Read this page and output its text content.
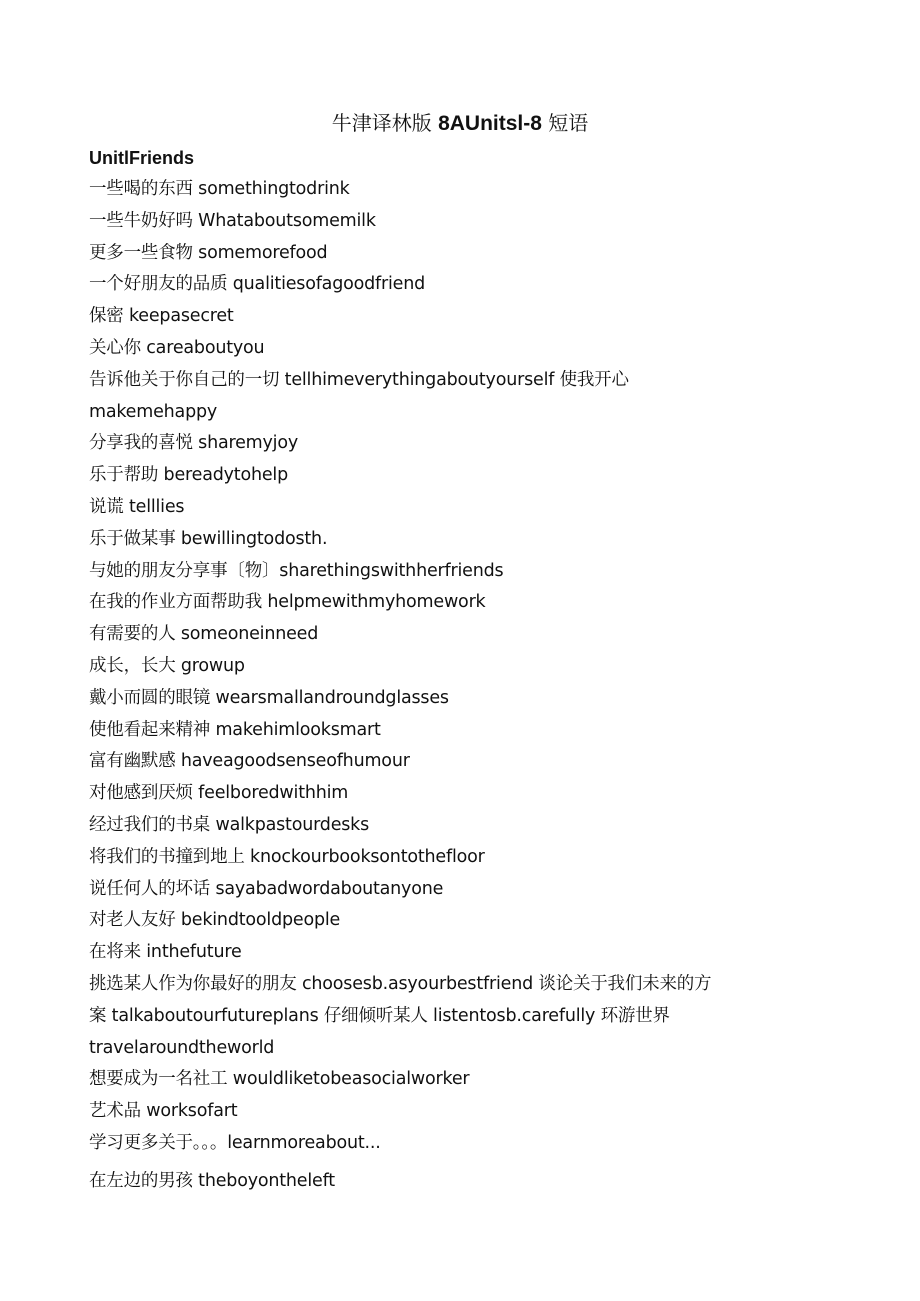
牛津译林版 8AUnitsl-8 短语
UnitlFriends
一些喝的东西 somethingtodrink
一些牛奶好吗 Whataboutsomemilk
更多一些食物 somemorefood
一个好朋友的品质 qualitiesofagoodfriend
保密 keepasecret
关心你 careaboutyou
告诉他关于你自己的一切 tellhimeverythingaboutyourself 使我开心
makemehappy
分享我的喜悦 sharemyjoy
乐于帮助 bereadytohelp
说谎 telllies
乐于做某事 bewillingtodosth.
与她的朋友分享事〔物〕sharethingswithherfriends
在我的作业方面帮助我 helpmewithmyhomework
有需要的人 someoneinneed
成长，长大 growup
戴小而圆的眼镜 wearsmallandroundglasses
使他看起来精神 makehimlooksmart
富有幽默感 haveagoodsenseofhumour
对他感到厌烦 feelboredwithhim
经过我们的书桌 walkpastourdesks
将我们的书撞到地上 knockourbooksontothefloor
说任何人的坏话 sayabadwordaboutanyone
对老人友好 bekindtooldpeople
在将来 inthefuture
挑选某人作为你最好的朋友 choosesb.asyourbestfriend 谈论关于我们未来的方
案 talkaboutourfutureplans 仔细倾听某人 listentosb.carefully 环游世界
travelaroundtheworld
想要成为一名社工 wouldliketobeasocialworker
艺术品 worksofart
学习更多关于。。。learnmoreabout...
在左边的男孩 theboyontheleft
